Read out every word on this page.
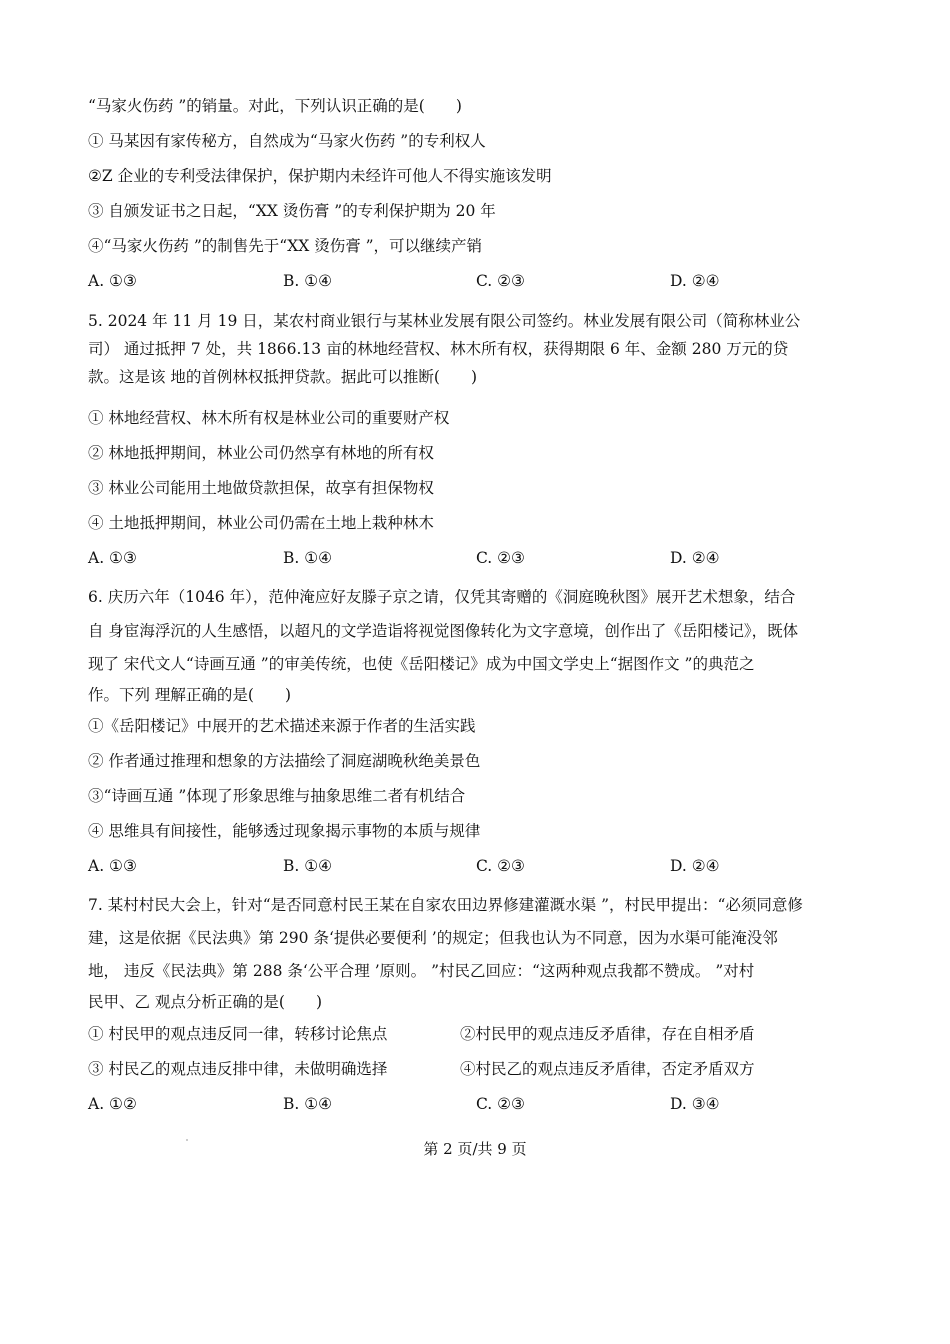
“马家火伤药 ”的销量。对此，下列认识正确的是(　　)
① 马某因有家传秘方，自然成为“马家火伤药 ”的专利权人
②Z 企业的专利受法律保护，保护期内未经许可他人不得实施该发明
③ 自颁发证书之日起，“XX 烫伤膏 ”的专利保护期为 20 年
④“马家火伤药 ”的制售先于“XX 烫伤膏 ”，可以继续产销
A. ①③	B. ①④	C. ②③	D. ②④
5. 2024 年 11 月 19 日，某农村商业银行与某林业发展有限公司签约。林业发展有限公司（简称林业公
司） 通过抵押 7 处，共 1866.13 亩的林地经营权、林木所有权，获得期限 6 年、金额 280 万元的贷
款。这是该 地的首例林权抵押贷款。据此可以推断(　　)
① 林地经营权、林木所有权是林业公司的重要财产权
② 林地抵押期间，林业公司仍然享有林地的所有权
③ 林业公司能用土地做贷款担保，故享有担保物权
④ 土地抵押期间，林业公司仍需在土地上栽种林木
A. ①③	B. ①④	C. ②③	D. ②④
6. 庆历六年（1046 年），范仲淹应好友滕子京之请，仅凭其寄赠的《洞庭晚秋图》展开艺术想象，结合
自 身宦海浮沉的人生感悟，以超凡的文学造诣将视觉图像转化为文字意境，创作出了《岳阳楼记》，既体
现了 宋代文人“诗画互通 ”的审美传统，也使《岳阳楼记》成为中国文学史上“据图作文 ”的典范之
作。下列 理解正确的是(　　)
①《岳阳楼记》中展开的艺术描述来源于作者的生活实践
② 作者通过推理和想象的方法描绘了洞庭湖晚秋绝美景色
③“诗画互通 ”体现了形象思维与抽象思维二者有机结合
④ 思维具有间接性，能够透过现象揭示事物的本质与规律
A. ①③	B. ①④	C. ②③	D. ②④
7. 某村村民大会上，针对“是否同意村民王某在自家农田边界修建灌溉水渠 ”，村民甲提出：“必须同意修
建，这是依据《民法典》第 290 条‘提供必要便利 ’的规定；但我也认为不同意，因为水渠可能淹没邻
地， 违反《民法典》第 288 条‘公平合理 ’原则。 ”村民乙回应：“这两种观点我都不赞成。 ”对村
民甲、乙 观点分析正确的是(　　)
① 村民甲的观点违反同一律，转移讨论焦点	②村民甲的观点违反矛盾律，存在自相矛盾
③ 村民乙的观点违反排中律，未做明确选择	④村民乙的观点违反矛盾律，否定矛盾双方
A. ①②	B. ①④	C. ②③	D. ③④
第 2 页/共 9 页
